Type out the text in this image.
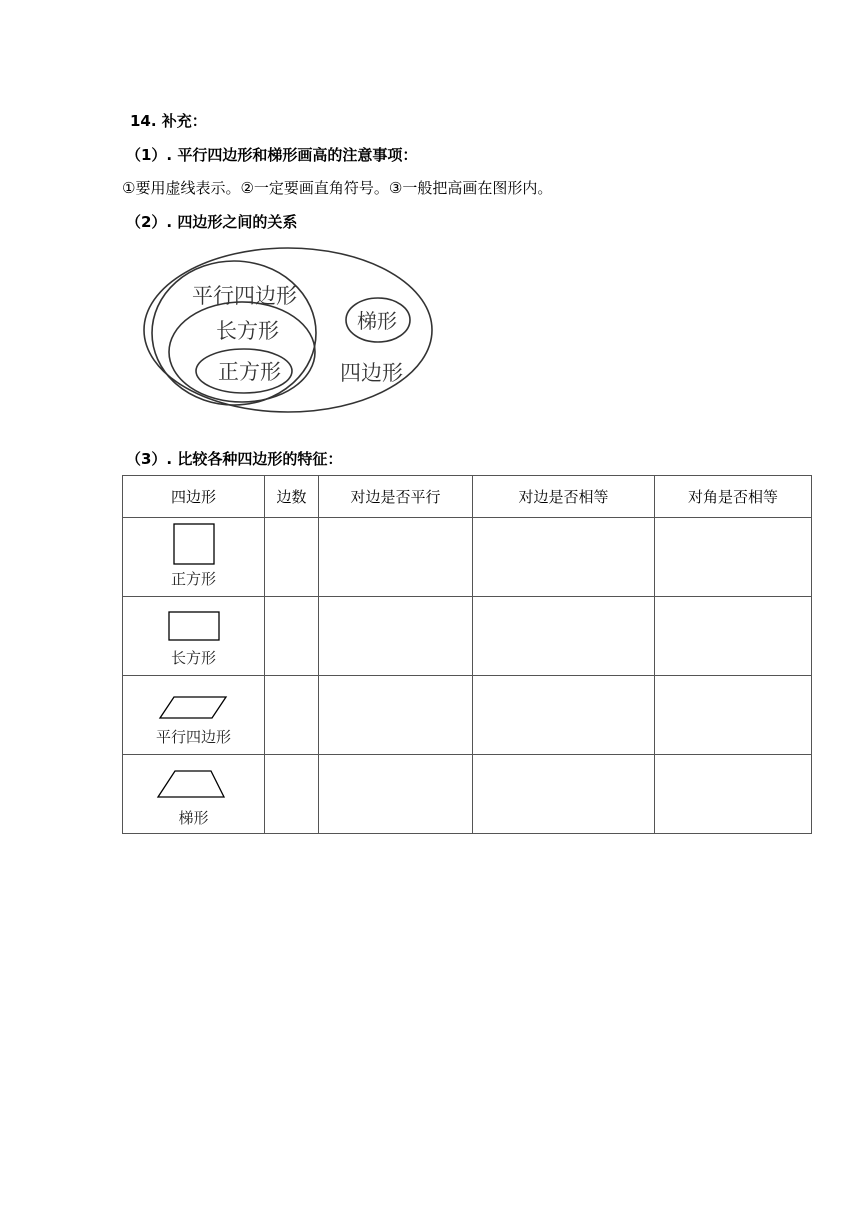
14. 补充：
（1）. 平行四边形和梯形画高的注意事项：
①要用虚线表示。②一定要画直角符号。③一般把高画在图形内。
（2）. 四边形之间的关系
平行四边形
长方形
正方形
梯形
四边形
（3）. 比较各种四边形的特征：
四边形	边数	对边是否平行	对边是否相等	对角是否相等

正方形				

长方形				

平行四边形				

梯形				
